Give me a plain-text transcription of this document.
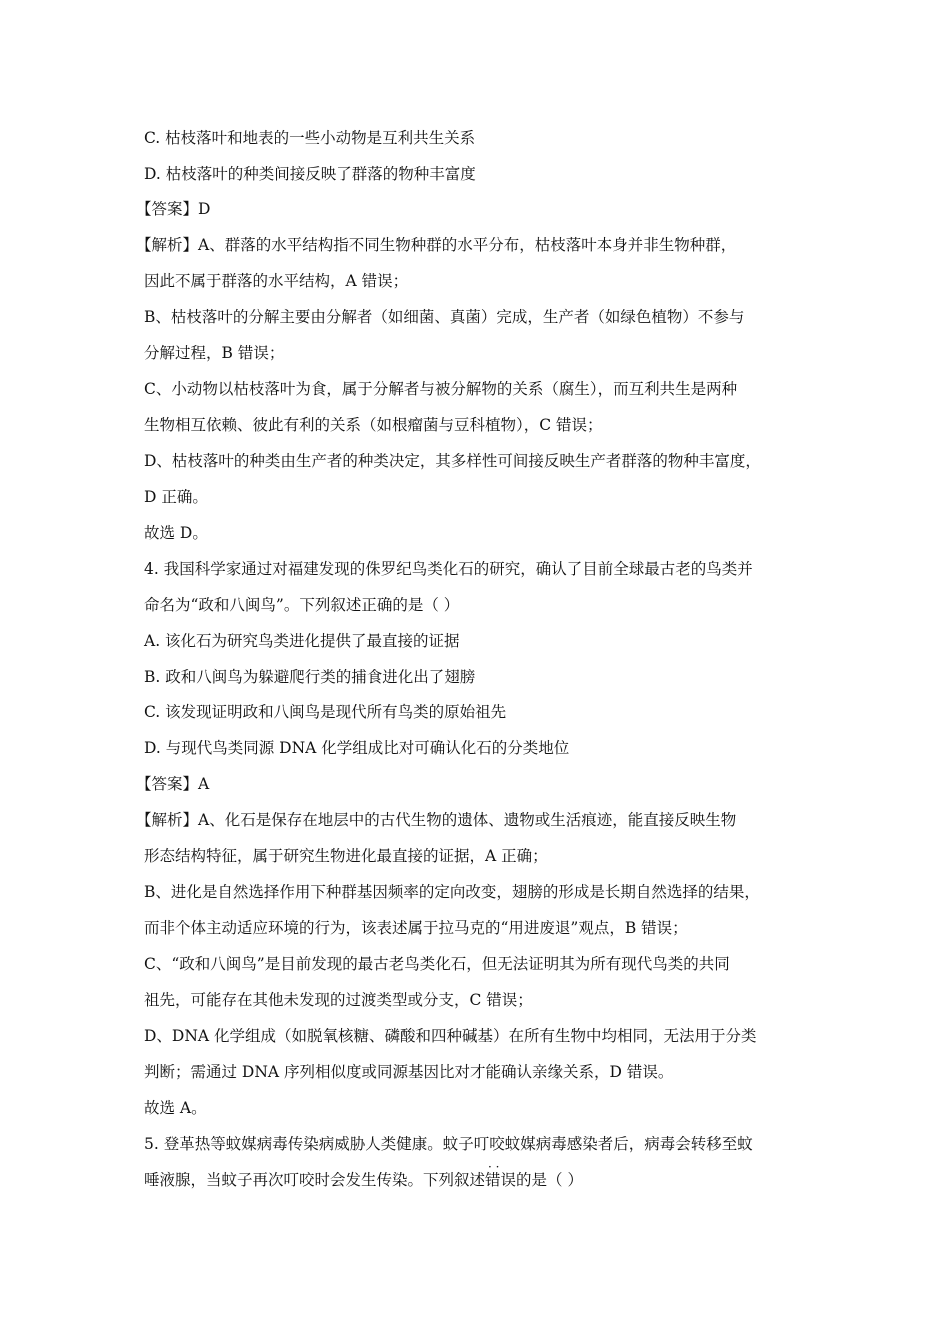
C. 枯枝落叶和地表的一些小动物是互利共生关系
D. 枯枝落叶的种类间接反映了群落的物种丰富度
【答案】D
【解析】A、群落的水平结构指不同生物种群的水平分布，枯枝落叶本身并非生物种群，
因此不属于群落的水平结构，A 错误；
B、枯枝落叶的分解主要由分解者（如细菌、真菌）完成，生产者（如绿色植物）不参与
分解过程，B 错误；
C、小动物以枯枝落叶为食，属于分解者与被分解物的关系（腐生），而互利共生是两种
生物相互依赖、彼此有利的关系（如根瘤菌与豆科植物），C 错误；
D、枯枝落叶的种类由生产者的种类决定，其多样性可间接反映生产者群落的物种丰富度，
D 正确。
故选 D。
4. 我国科学家通过对福建发现的侏罗纪鸟类化石的研究，确认了目前全球最古老的鸟类并
命名为“政和八闽鸟”。下列叙述正确的是（ ）
A. 该化石为研究鸟类进化提供了最直接的证据
B. 政和八闽鸟为躲避爬行类的捕食进化出了翅膀
C. 该发现证明政和八闽鸟是现代所有鸟类的原始祖先
D. 与现代鸟类同源 DNA 化学组成比对可确认化石的分类地位
【答案】A
【解析】A、化石是保存在地层中的古代生物的遗体、遗物或生活痕迹，能直接反映生物
形态结构特征，属于研究生物进化最直接的证据，A 正确；
B、进化是自然选择作用下种群基因频率的定向改变，翅膀的形成是长期自然选择的结果，
而非个体主动适应环境的行为，该表述属于拉马克的“用进废退”观点，B 错误；
C、“政和八闽鸟”是目前发现的最古老鸟类化石，但无法证明其为所有现代鸟类的共同
祖先，可能存在其他未发现的过渡类型或分支，C 错误；
D、DNA 化学组成（如脱氧核糖、磷酸和四种碱基）在所有生物中均相同，无法用于分类
判断；需通过 DNA 序列相似度或同源基因比对才能确认亲缘关系，D 错误。
故选 A。
5. 登革热等蚊媒病毒传染病威胁人类健康。蚊子叮咬蚊媒病毒感染者后，病毒会转移至蚊
唾液腺，当蚊子再次叮咬时会发生传染。下列叙述错误 · ·的是（ ）
